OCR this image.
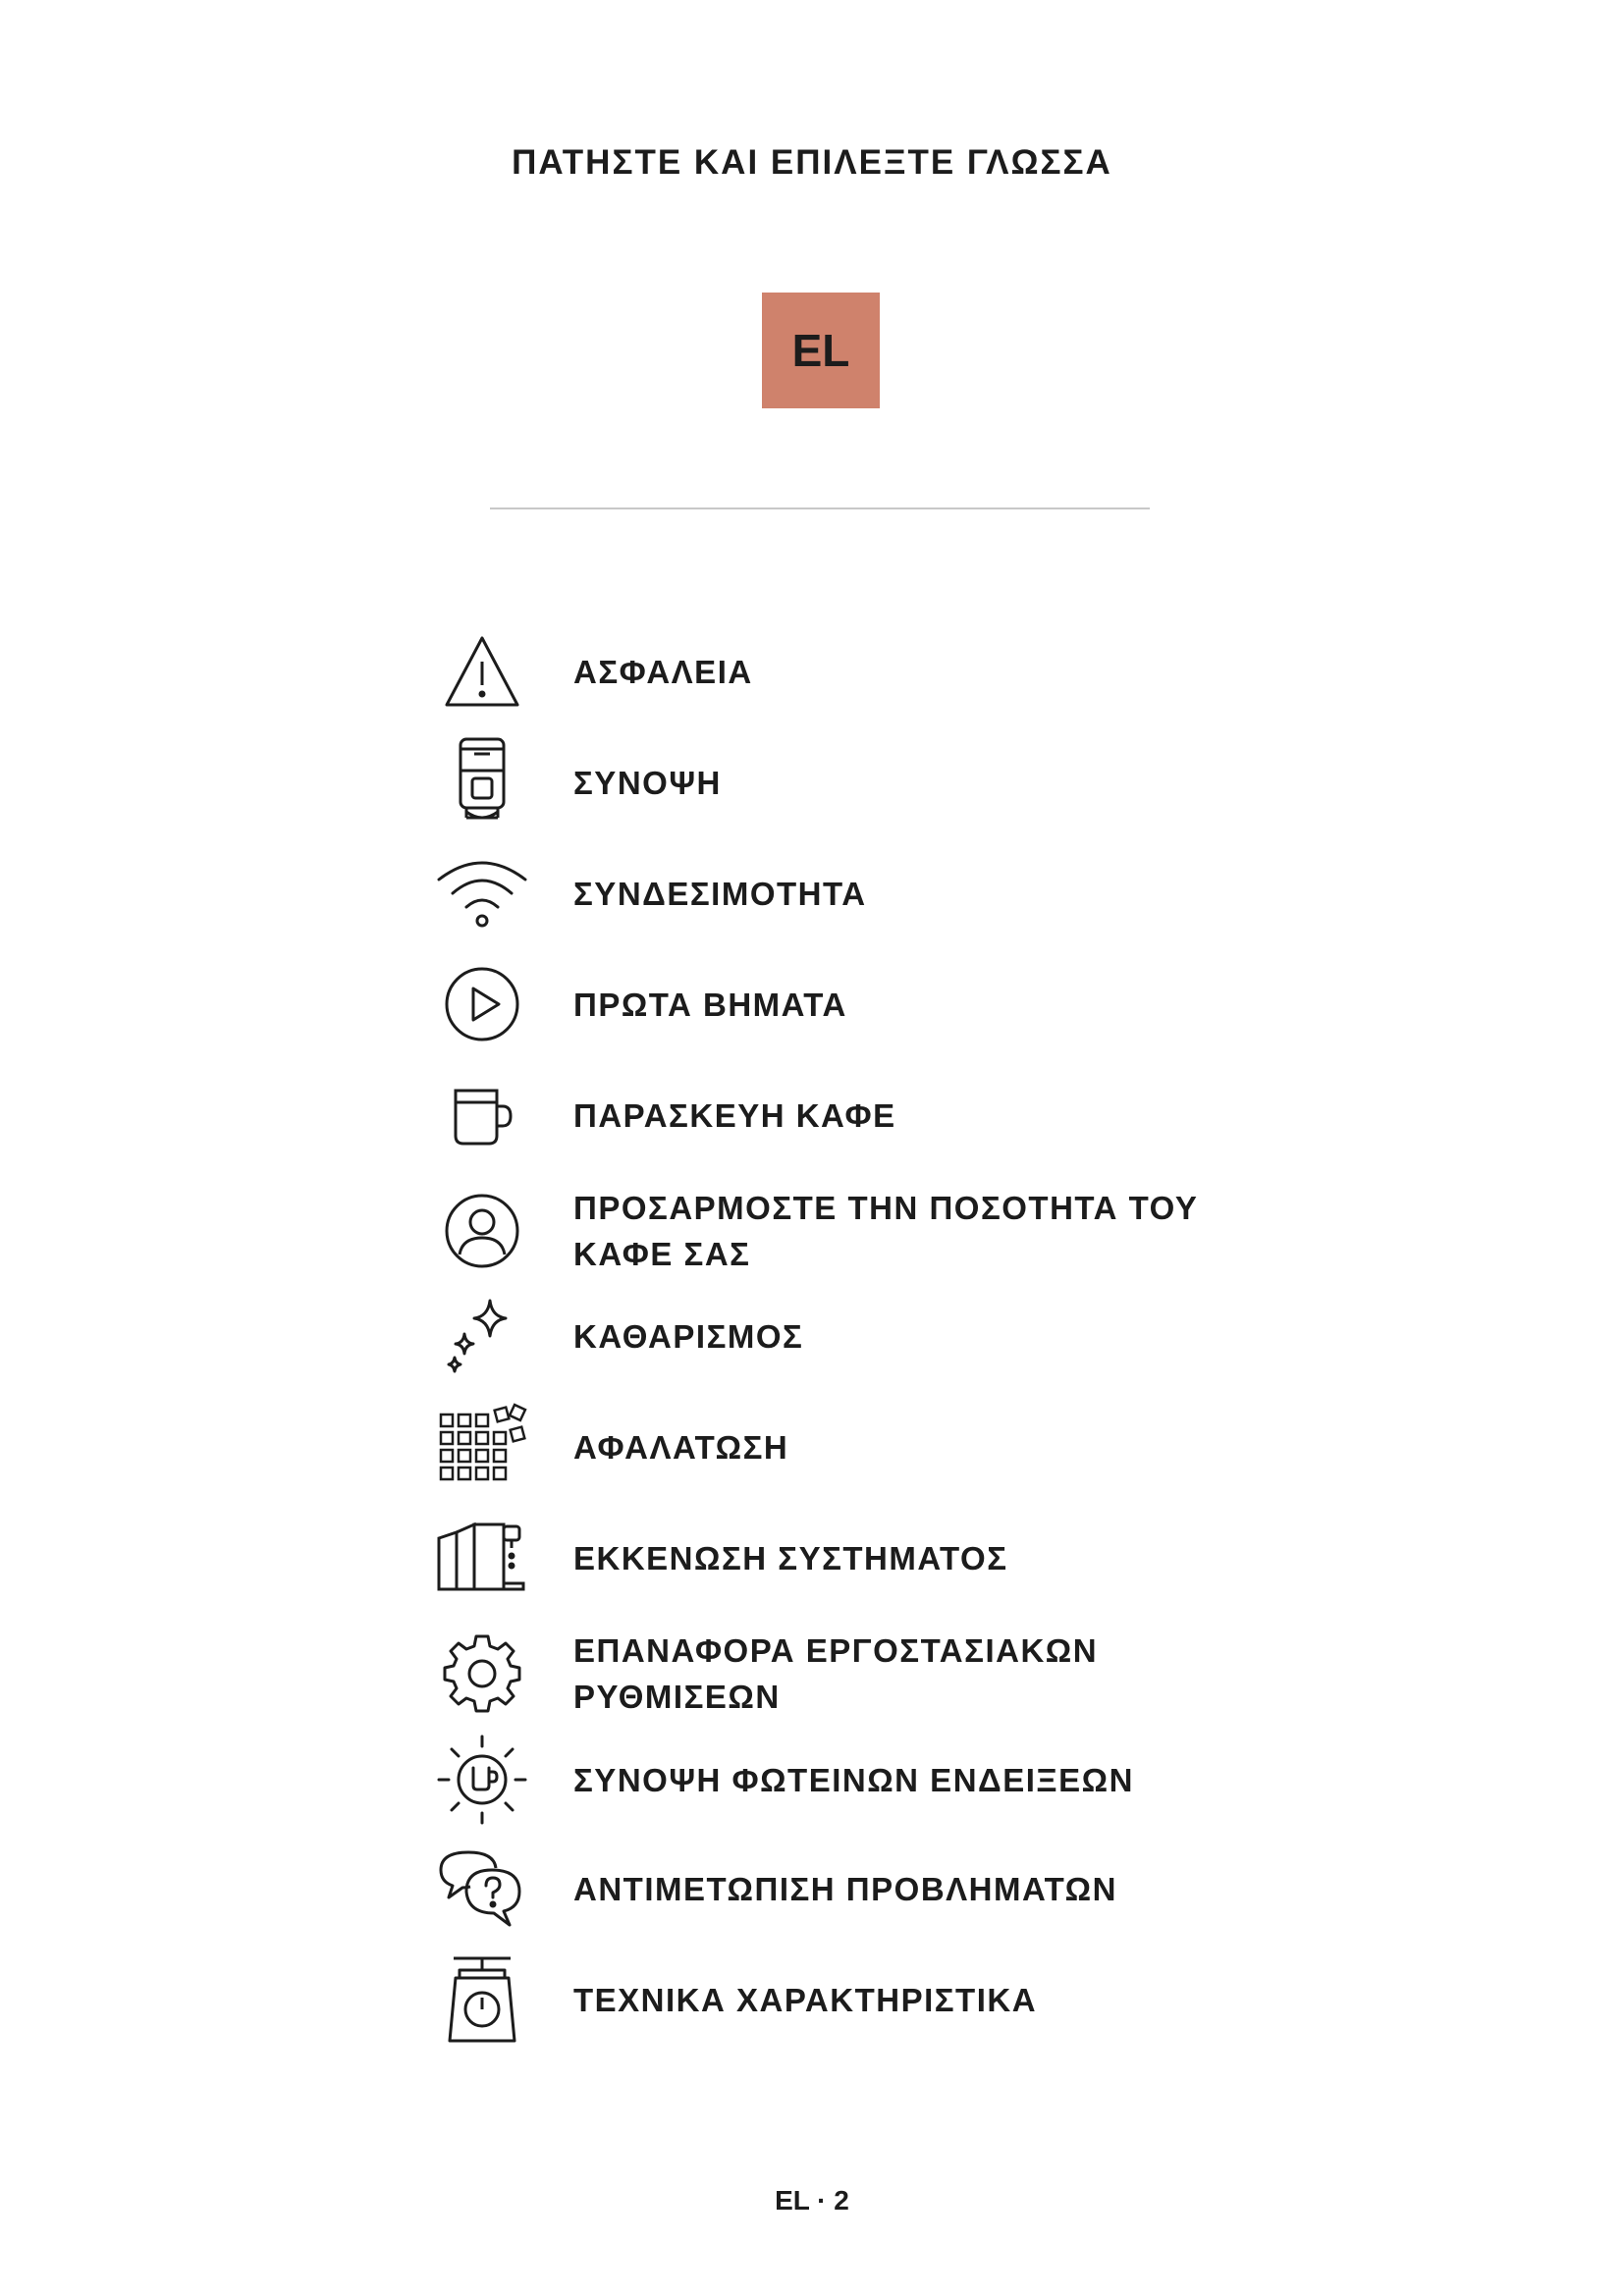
ΠΑΤΗΣΤΕ ΚΑΙ ΕΠΙΛΕΞΤΕ ΓΛΩΣΣΑ
EL
ΑΣΦΑΛΕΙΑ
ΣΥΝΟΨΗ
ΣΥΝΔΕΣΙΜΟΤΗΤΑ
ΠΡΩΤΑ ΒΗΜΑΤΑ
ΠΑΡΑΣΚΕΥΗ ΚΑΦΕ
ΠΡΟΣΑΡΜΟΣΤΕ ΤΗΝ ΠΟΣΟΤΗΤΑ ΤΟΥ ΚΑΦΕ ΣΑΣ
ΚΑΘΑΡΙΣΜΟΣ
ΑΦΑΛΑΤΩΣΗ
ΕΚΚΕΝΩΣΗ ΣΥΣΤΗΜΑΤΟΣ
ΕΠΑΝΑΦΟΡΑ ΕΡΓΟΣΤΑΣΙΑΚΩΝ ΡΥΘΜΙΣΕΩΝ
ΣΥΝΟΨΗ ΦΩΤΕΙΝΩΝ ΕΝΔΕΙΞΕΩΝ
ΑΝΤΙΜΕΤΩΠΙΣΗ ΠΡΟΒΛΗΜΑΤΩΝ
ΤΕΧΝΙΚΑ ΧΑΡΑΚΤΗΡΙΣΤΙΚΑ
EL · 2
